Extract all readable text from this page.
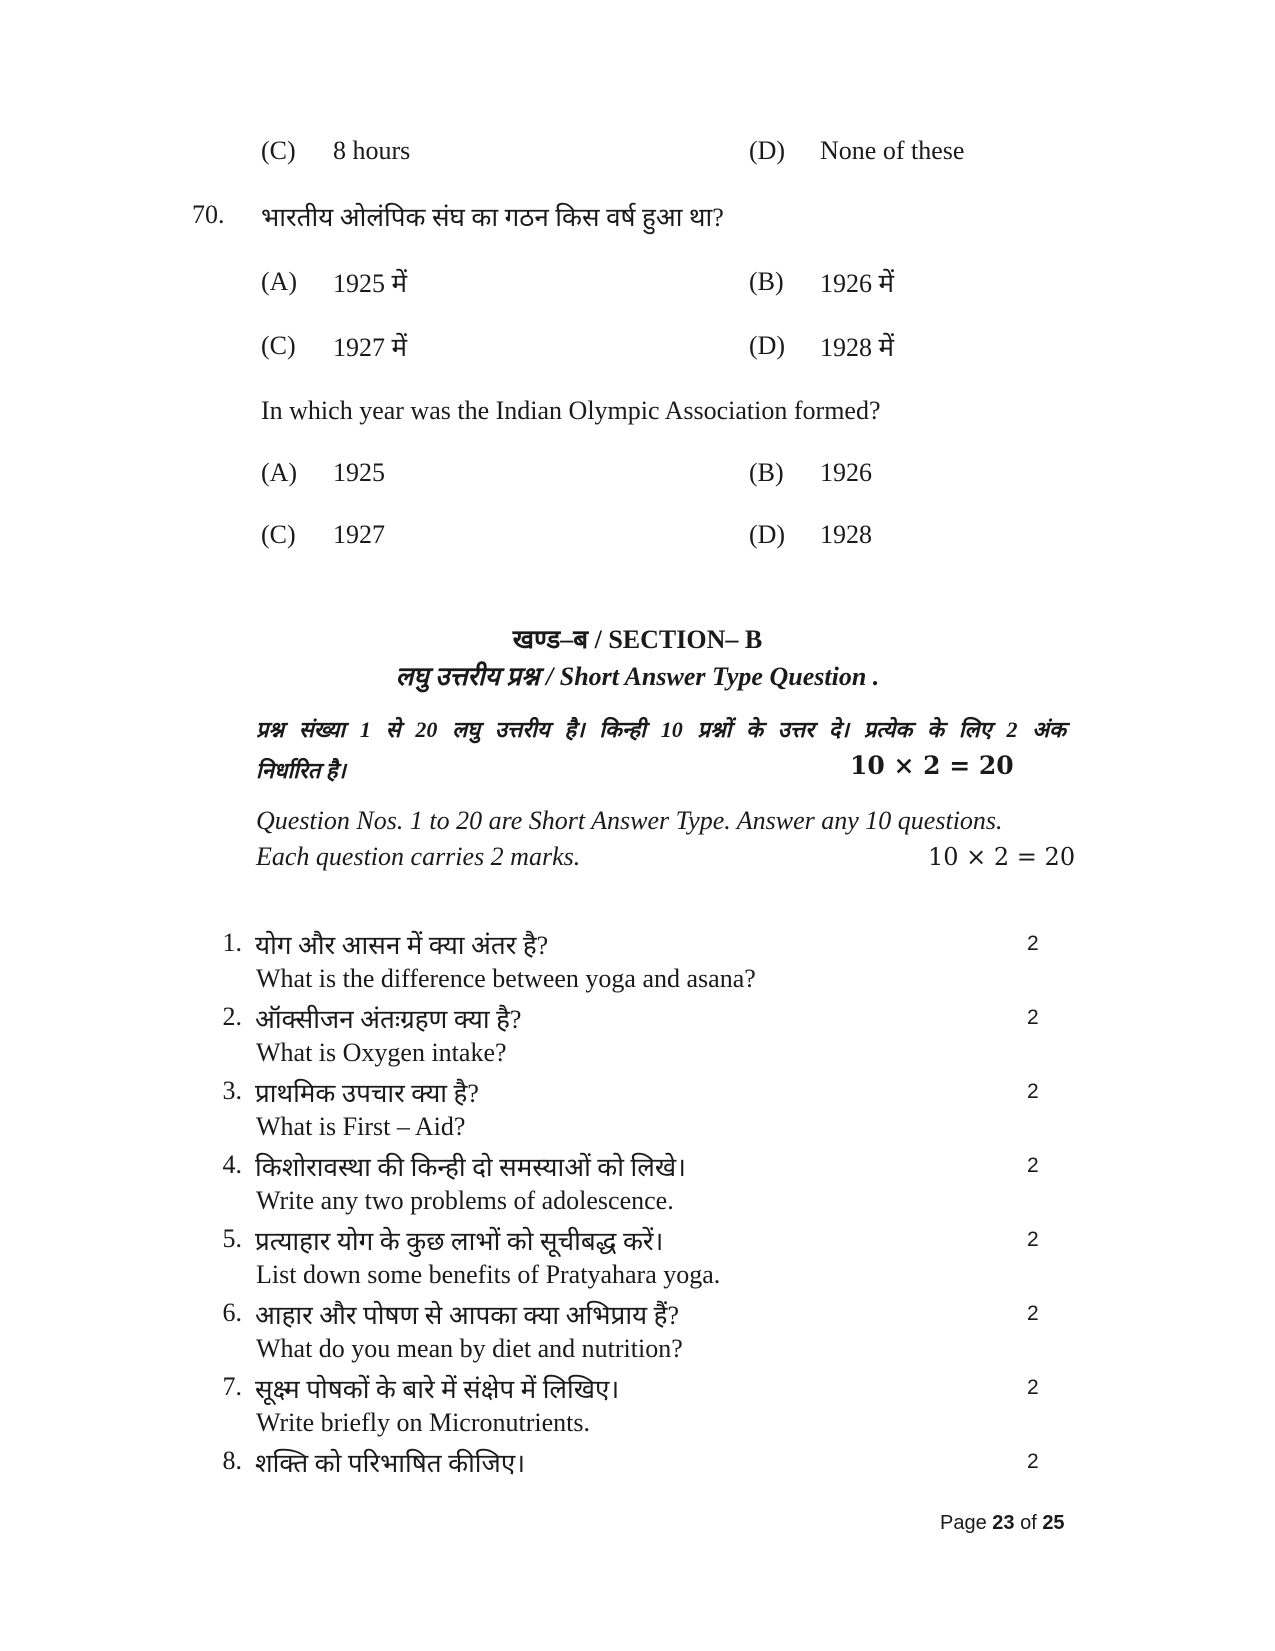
(C) 8 hours	(D) None of these
70. भारतीय ओलंपिक संघ का गठन किस वर्ष हुआ था?
(A) 1925 में	(B) 1926 में
(C) 1927 में	(D) 1928 में
In which year was the Indian Olympic Association formed?
(A) 1925	(B) 1926
(C) 1927	(D) 1928
खण्ड–ब / SECTION– B
लघु उत्तरीय प्रश्न / Short Answer Type Question .
प्रश्न संख्या 1 से 20 लघु उत्तरीय है। किन्ही 10 प्रश्नों के उत्तर दे। प्रत्येक के लिए 2 अंक
निर्धारित है।	10 × 2 = 20
Question Nos. 1 to 20 are Short Answer Type. Answer any 10 questions.
Each question carries 2 marks.	10 × 2 = 20
1. योग और आसन में क्या अंतर है?	2
What is the difference between yoga and asana?
2. ऑक्सीजन अंतःग्रहण क्या है?	2
What is Oxygen intake?
3. प्राथमिक उपचार क्या है?	2
What is First – Aid?
4. किशोरावस्था की किन्ही दो समस्याओं को लिखे।	2
Write any two problems of adolescence.
5. प्रत्याहार योग के कुछ लाभों को सूचीबद्ध करें।	2
List down some benefits of Pratyahara yoga.
6. आहार और पोषण से आपका क्या अभिप्राय हैं?	2
What do you mean by diet and nutrition?
7. सूक्ष्म पोषकों के बारे में संक्षेप में लिखिए।	2
Write briefly on Micronutrients.
8. शक्ति को परिभाषित कीजिए।	2
Page 23 of 25
